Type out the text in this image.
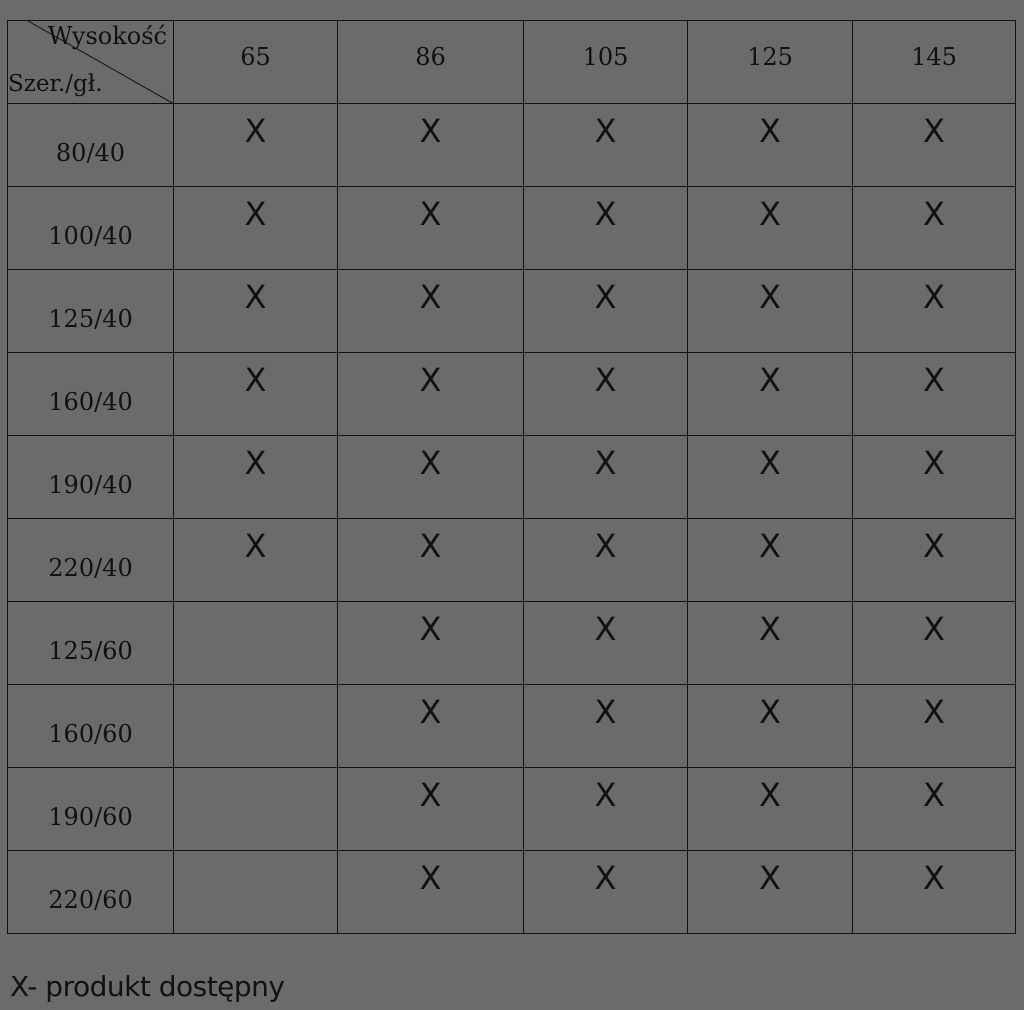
Wysokość
Szer./gł.	65	86	105	125	145
80/40	X	X	X	X	X
100/40	X	X	X	X	X
125/40	X	X	X	X	X
160/40	X	X	X	X	X
190/40	X	X	X	X	X
220/40	X	X	X	X	X
125/60		X	X	X	X
160/60		X	X	X	X
190/60		X	X	X	X
220/60		X	X	X	X
X- produkt dostępny
